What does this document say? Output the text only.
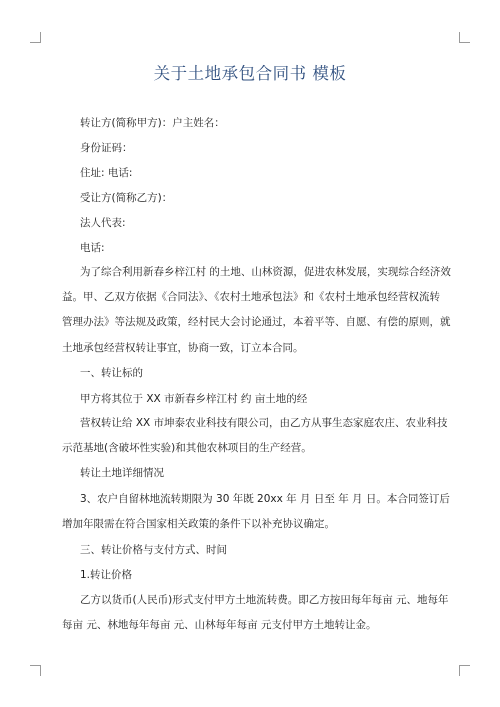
关于土地承包合同书 模板
转让方(简称甲方)：户主姓名：
身份证码：
住址: 电话:
受让方(简称乙方)：
法人代表:
电话:
为了综合利用新春乡梓江村 的土地、山林资源，促进农林发展，实现综合经济效
益。甲、乙双方依据《合同法》、《农村土地承包法》和《农村土地承包经营权流转
管理办法》等法规及政策，经村民大会讨论通过，本着平等、自愿、有偿的原则，就
土地承包经营权转让事宜，协商一致，订立本合同。
一、转让标的
甲方将其位于 XX 市新春乡梓江村 约 亩土地的经
营权转让给 XX 市坤泰农业科技有限公司，由乙方从事生态家庭农庄、农业科技
示范基地(含破坏性实验)和其他农林项目的生产经营。
转让土地详细情况
3、农户自留林地流转期限为 30 年既 20xx 年 月 日至 年 月 日。本合同签订后
增加年限需在符合国家相关政策的条件下以补充协议确定。
三、转让价格与支付方式、时间
1.转让价格
乙方以货币(人民币)形式支付甲方土地流转费。即乙方按田每年每亩 元、地每年
每亩 元、林地每年每亩 元、山林每年每亩 元支付甲方土地转让金。
